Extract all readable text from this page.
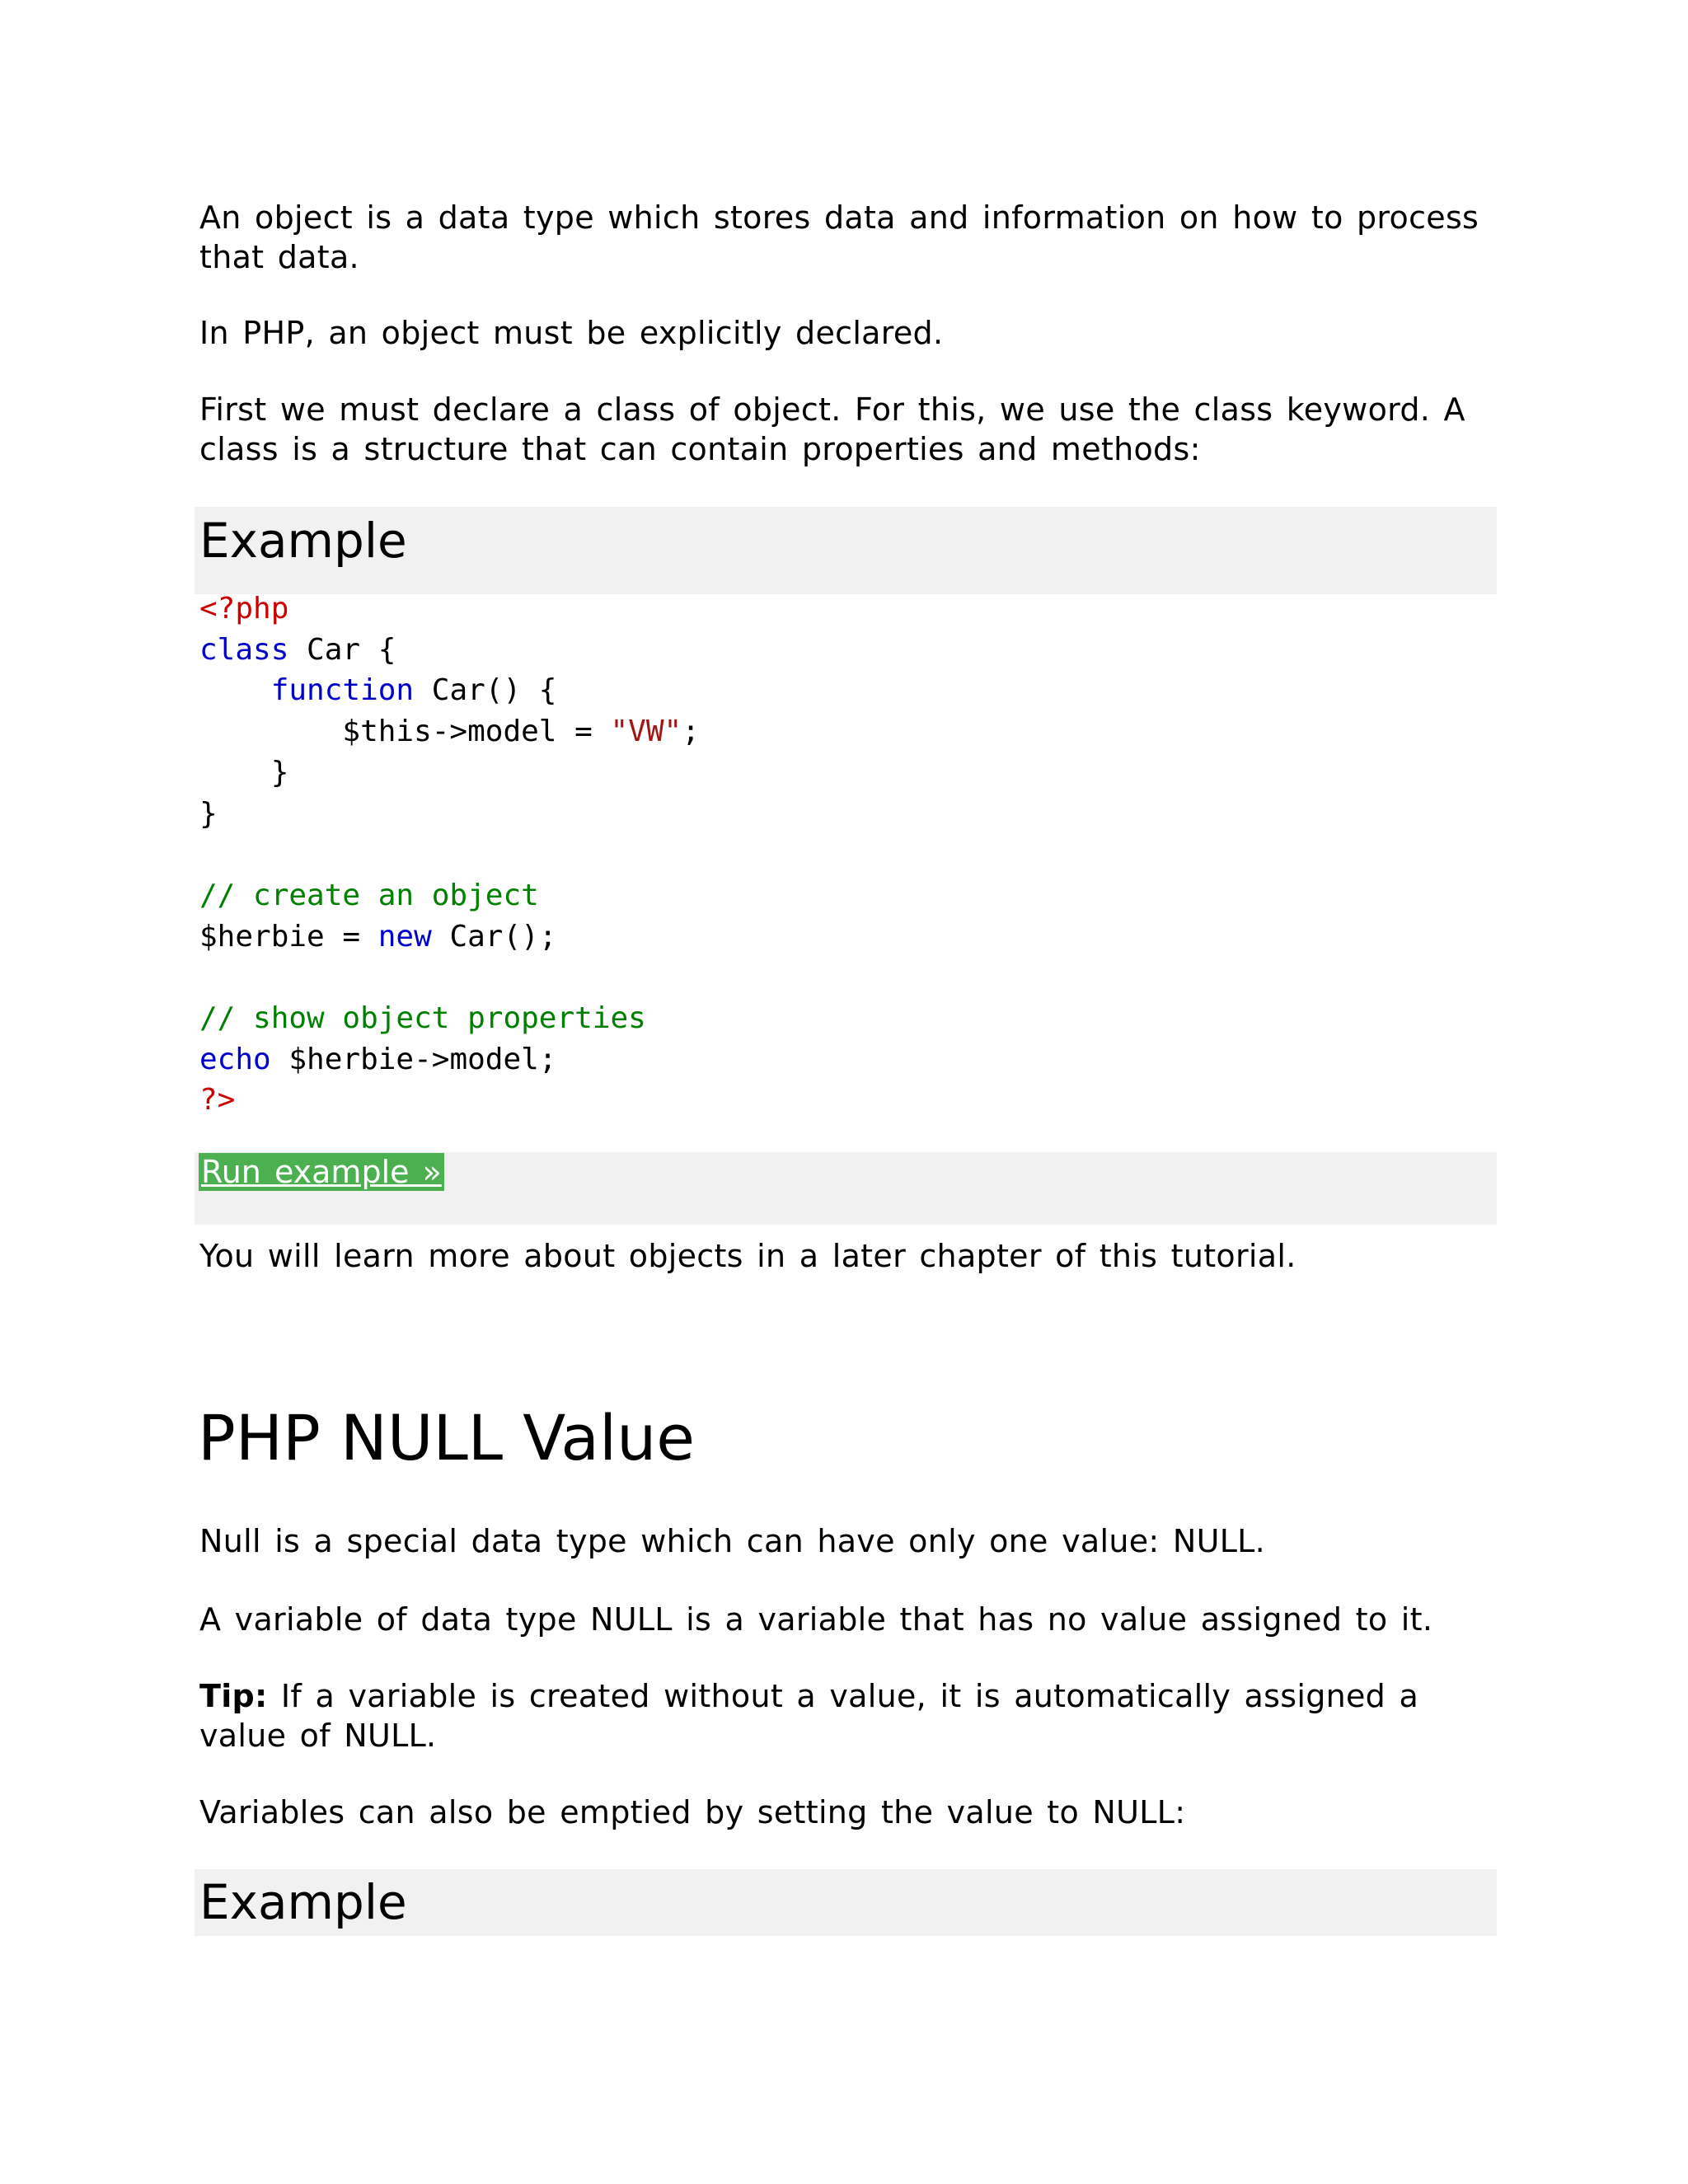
An object is a data type which stores data and information on how to process that data.

In PHP, an object must be explicitly declared.

First we must declare a class of object. For this, we use the class keyword. A class is a structure that can contain properties and methods:

Example
<?php
class Car {
function Car() {
$this->model = "VW";
}
}

// create an object
$herbie = new Car();

// show object properties
echo $herbie->model;
?>
Run example »

You will learn more about objects in a later chapter of this tutorial.

PHP NULL Value

Null is a special data type which can have only one value: NULL.

A variable of data type NULL is a variable that has no value assigned to it.

Tip: If a variable is created without a value, it is automatically assigned a value of NULL.

Variables can also be emptied by setting the value to NULL:

Example
